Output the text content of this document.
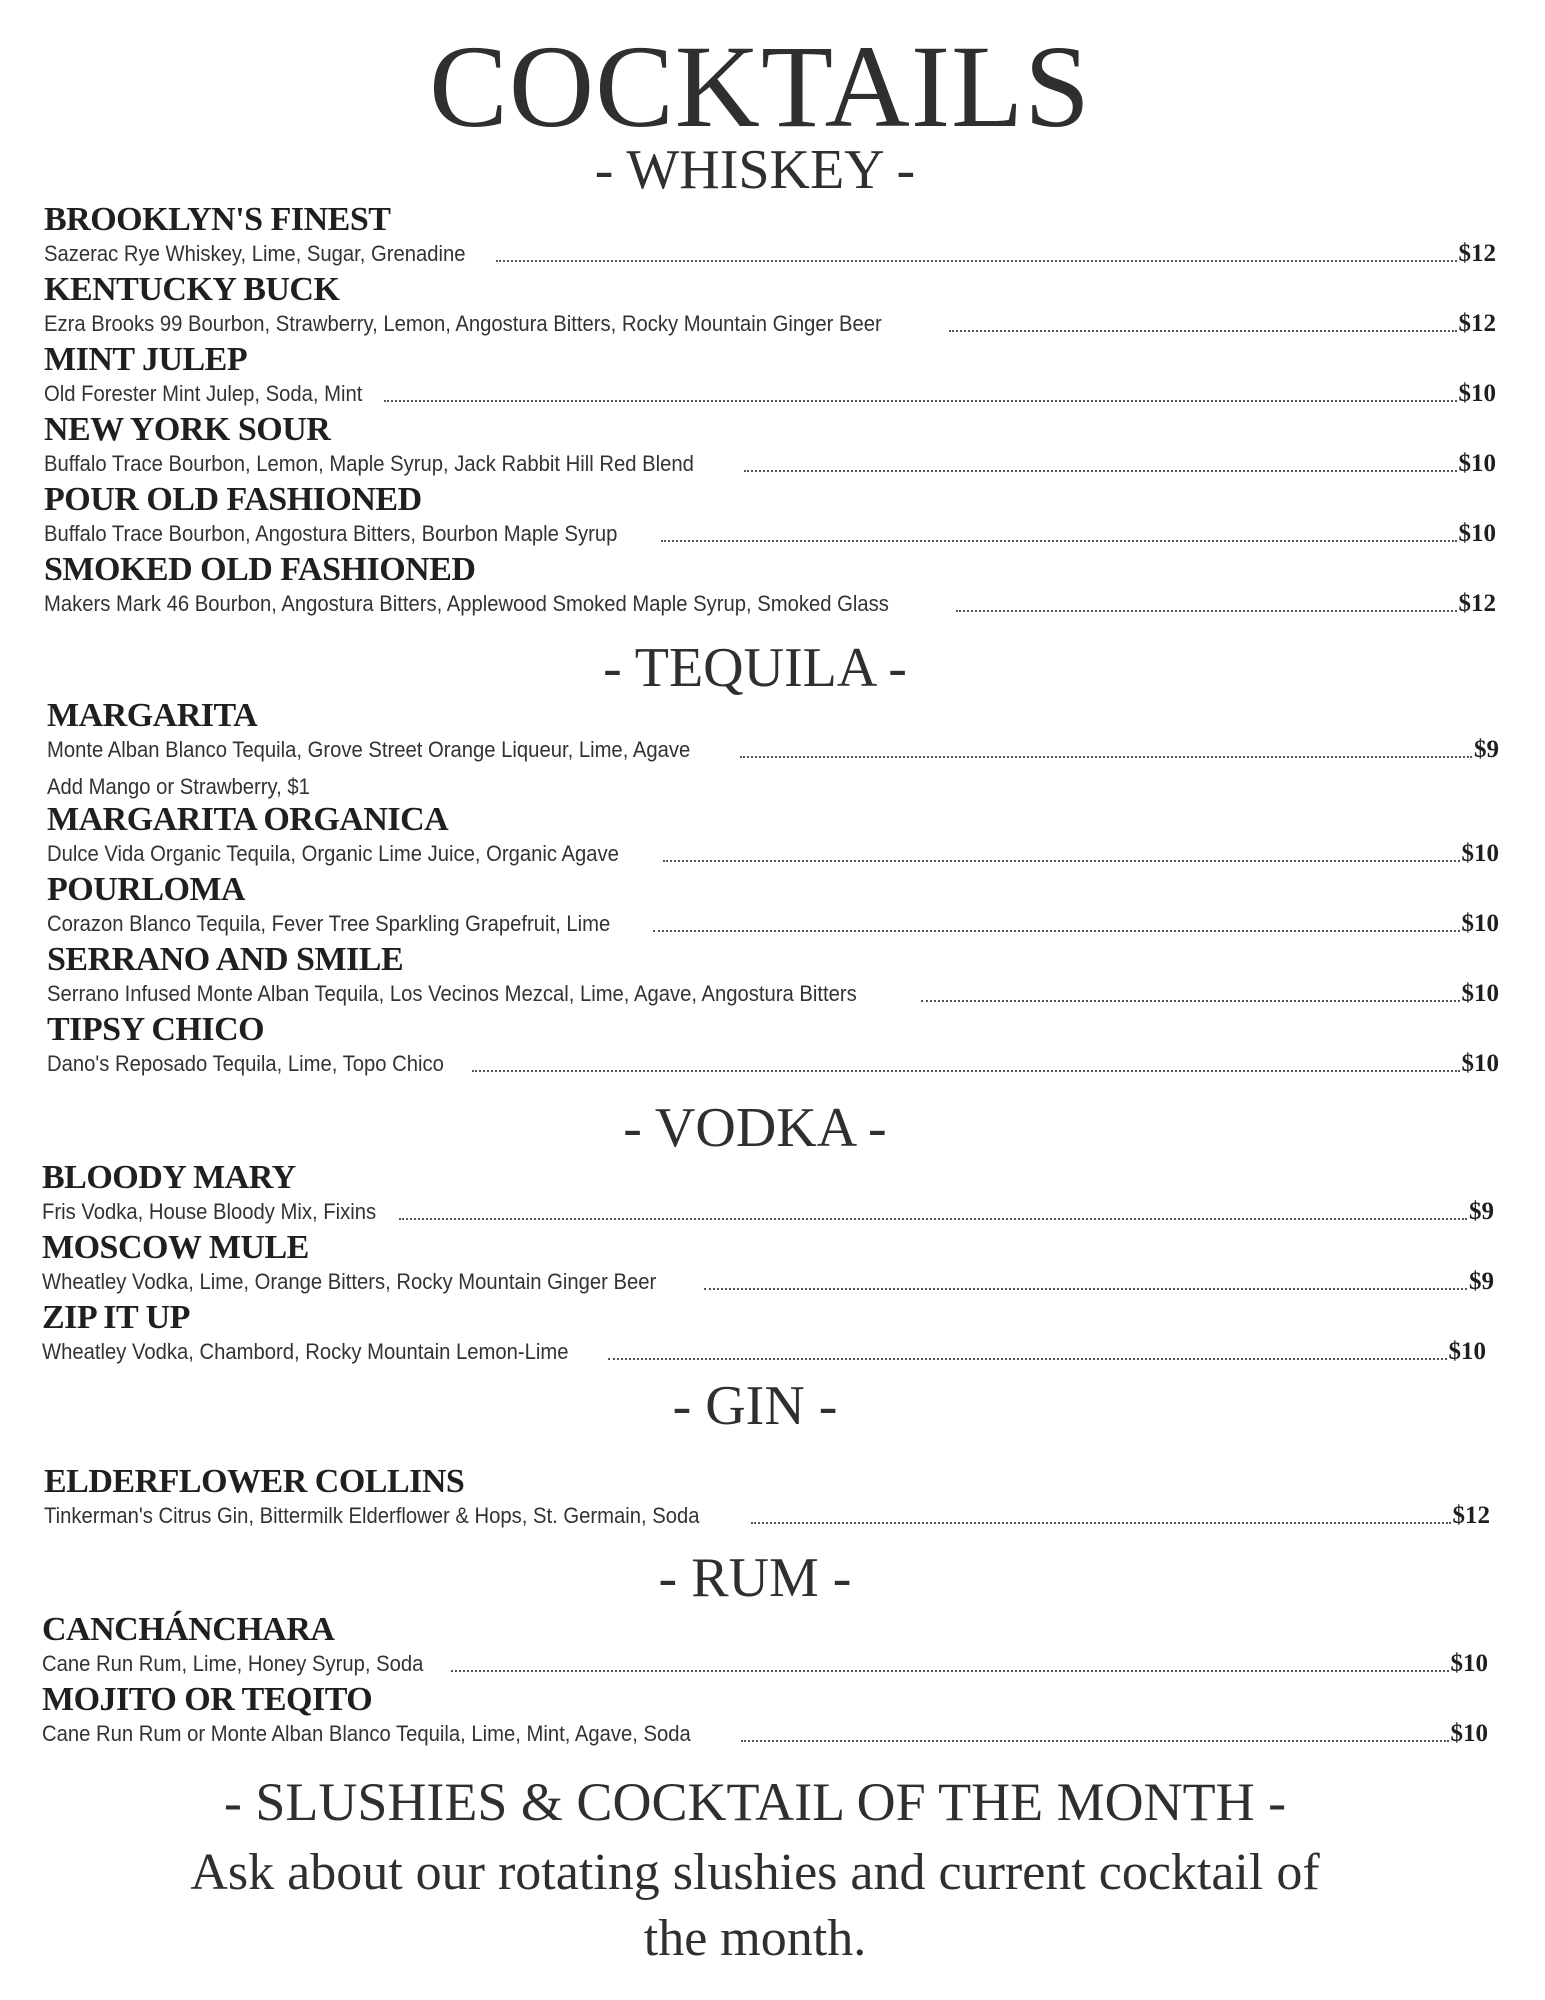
COCKTAILS
- WHISKEY -
BROOKLYN'S FINEST
Sazerac Rye Whiskey, Lime, Sugar, Grenadine	$12
KENTUCKY BUCK
Ezra Brooks 99 Bourbon, Strawberry, Lemon, Angostura Bitters, Rocky Mountain Ginger Beer	$12
MINT JULEP
Old Forester Mint Julep, Soda, Mint	$10
NEW YORK SOUR
Buffalo Trace Bourbon, Lemon, Maple Syrup, Jack Rabbit Hill Red Blend	$10
POUR OLD FASHIONED
Buffalo Trace Bourbon, Angostura Bitters, Bourbon Maple Syrup	$10
SMOKED OLD FASHIONED
Makers Mark 46 Bourbon, Angostura Bitters, Applewood Smoked Maple Syrup, Smoked Glass	$12
- TEQUILA -
MARGARITA
Monte Alban Blanco Tequila, Grove Street Orange Liqueur, Lime, Agave	$9
Add Mango or Strawberry, $1
MARGARITA ORGANICA
Dulce Vida Organic Tequila, Organic Lime Juice, Organic Agave	$10
POURLOMA
Corazon Blanco Tequila, Fever Tree Sparkling Grapefruit, Lime	$10
SERRANO AND SMILE
Serrano Infused Monte Alban Tequila, Los Vecinos Mezcal, Lime, Agave, Angostura Bitters	$10
TIPSY CHICO
Dano's Reposado Tequila, Lime, Topo Chico	$10
- VODKA -
BLOODY MARY
Fris Vodka, House Bloody Mix, Fixins	$9
MOSCOW MULE
Wheatley Vodka, Lime, Orange Bitters, Rocky Mountain Ginger Beer	$9
ZIP IT UP
Wheatley Vodka, Chambord, Rocky Mountain Lemon-Lime	$10
- GIN -
ELDERFLOWER COLLINS
Tinkerman's Citrus Gin, Bittermilk Elderflower & Hops, St. Germain, Soda	$12
- RUM -
CANCHÁNCHARA
Cane Run Rum, Lime, Honey Syrup, Soda	$10
MOJITO OR TEQITO
Cane Run Rum or Monte Alban Blanco Tequila, Lime, Mint, Agave, Soda	$10
- SLUSHIES & COCKTAIL OF THE MONTH -
Ask about our rotating slushies and current cocktail of the month.
